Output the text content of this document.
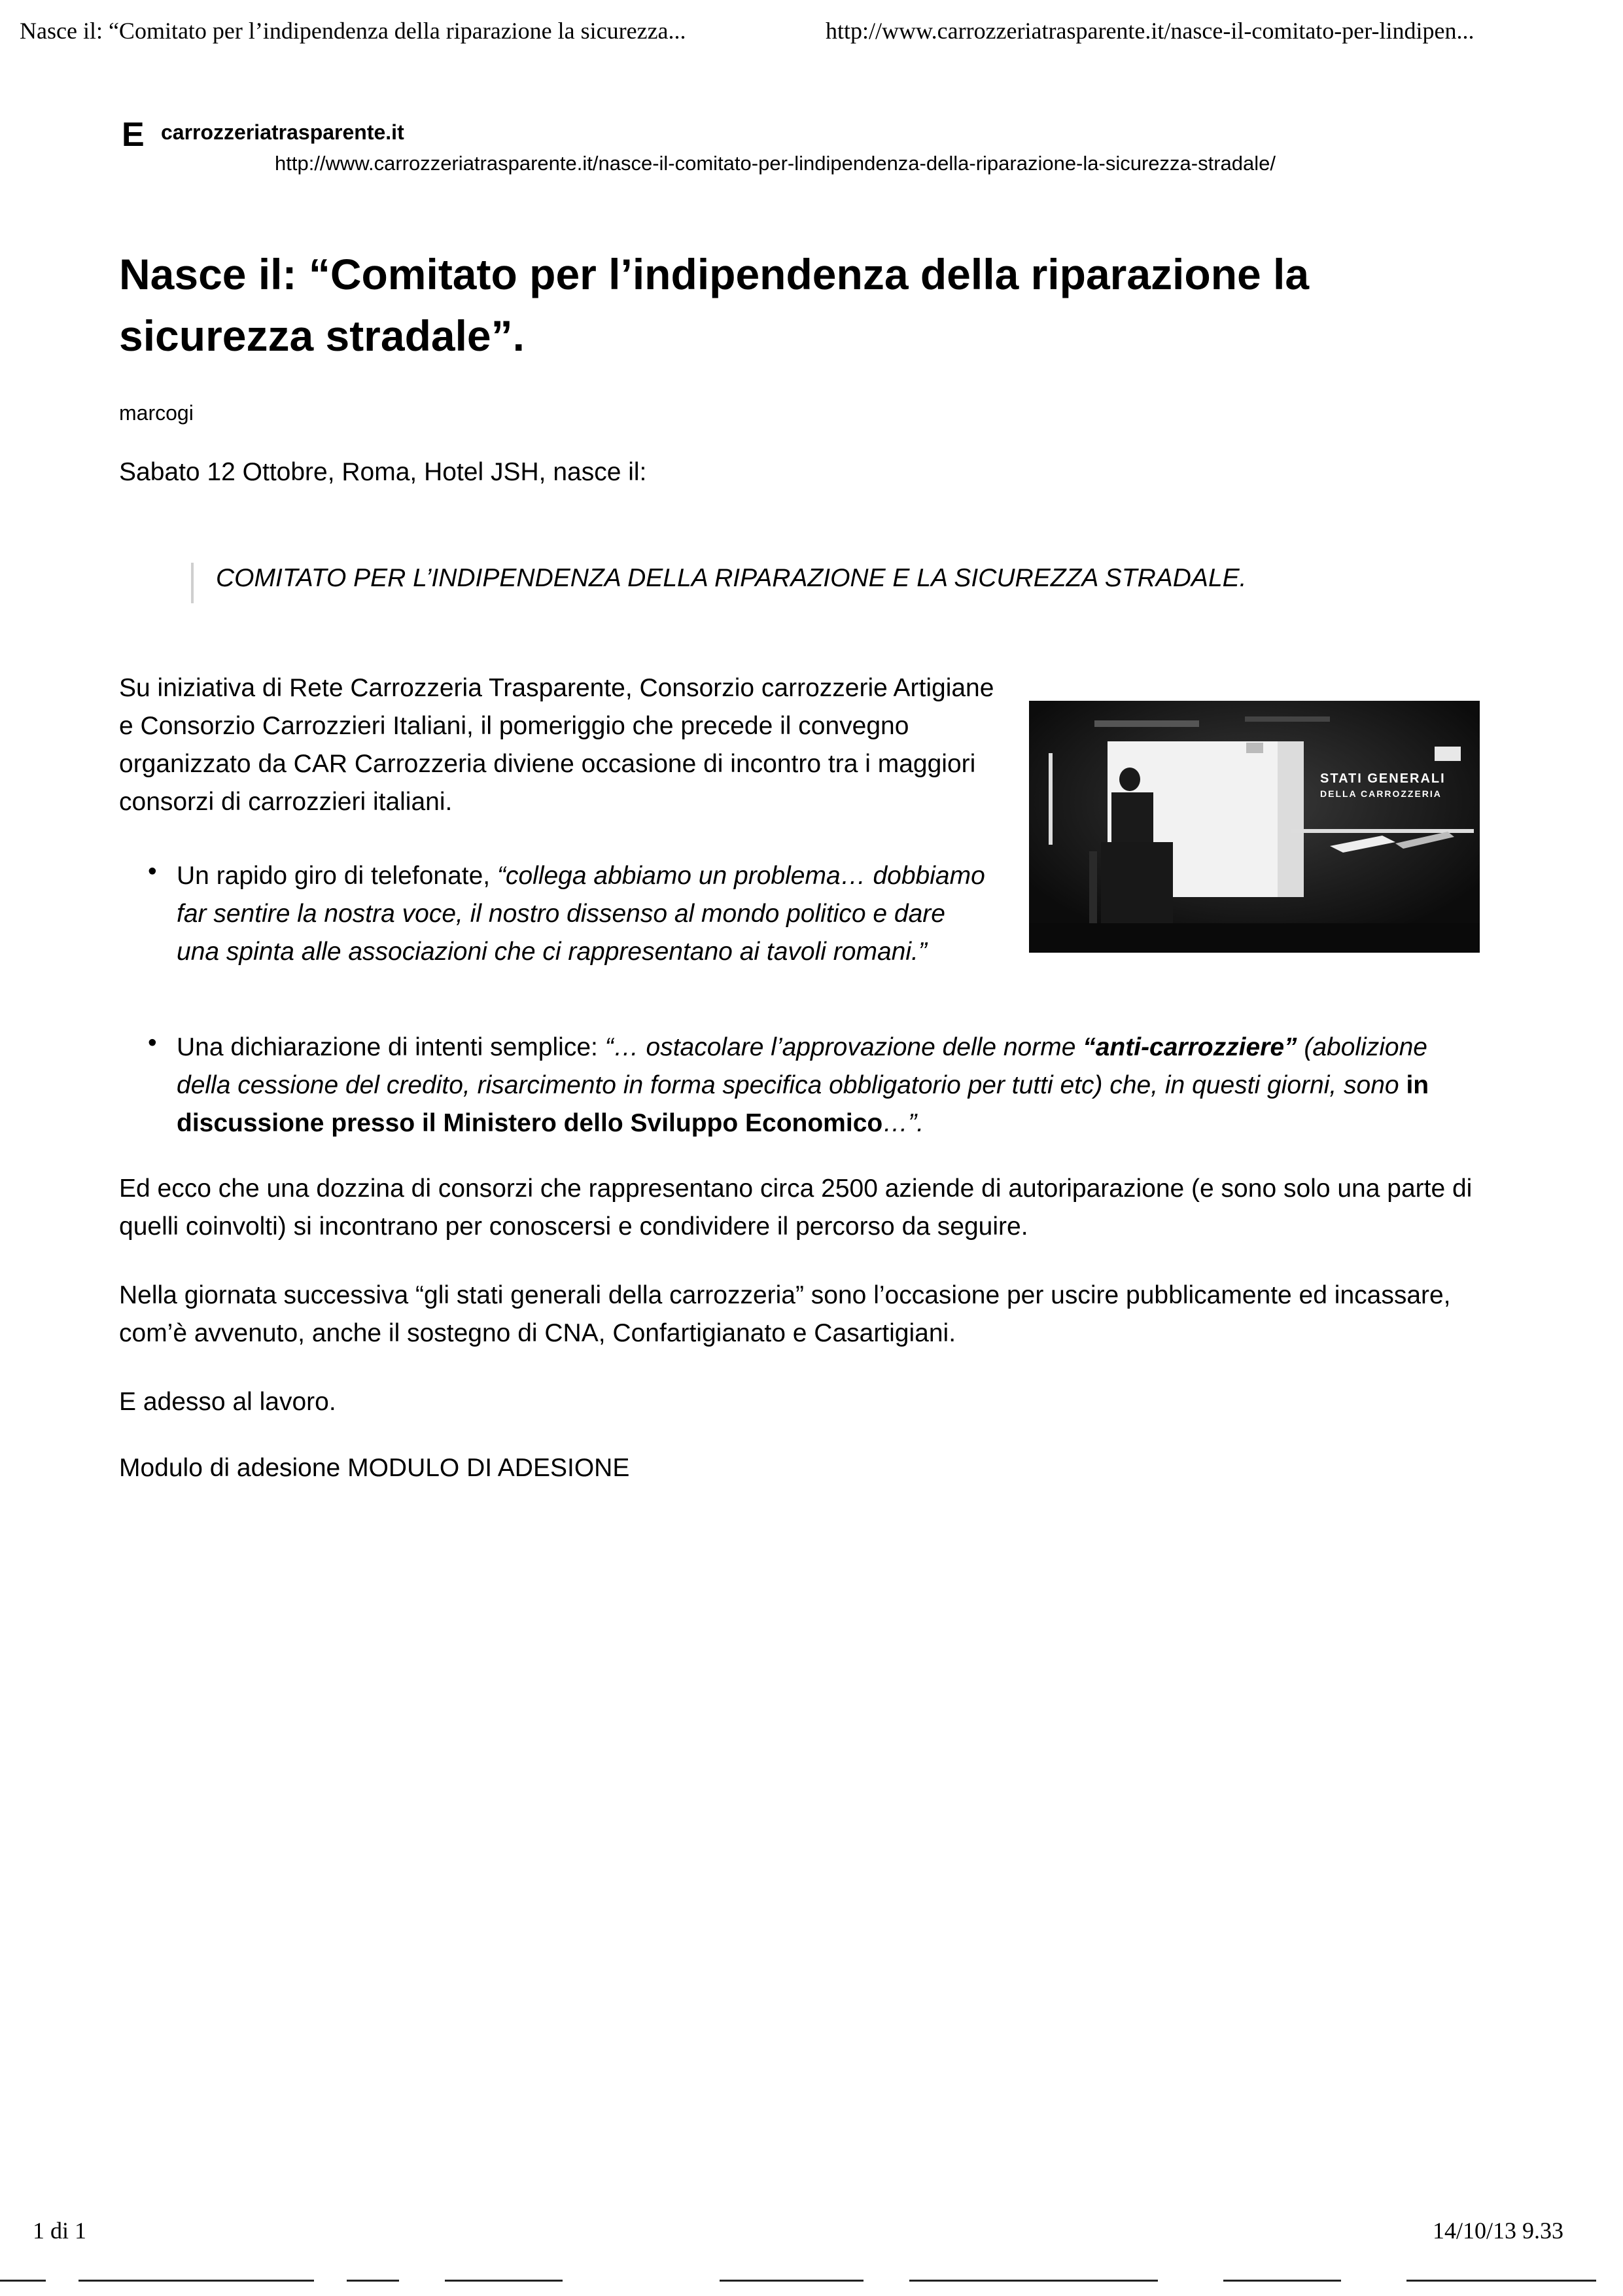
Nasce il: “Comitato per l’indipendenza della riparazione la sicurezza...	http://www.carrozzeriatrasparente.it/nasce-il-comitato-per-lindipen...
E carrozzeriatrasparente.it
http://www.carrozzeriatrasparente.it/nasce-il-comitato-per-lindipendenza-della-riparazione-la-sicurezza-stradale/
Nasce il: “Comitato per l’indipendenza della riparazione la sicurezza stradale”.
marcogi
Sabato 12 Ottobre, Roma, Hotel JSH, nasce il:
COMITATO PER L’INDIPENDENZA DELLA RIPARAZIONE E LA SICUREZZA STRADALE.

Su iniziativa di Rete Carrozzeria Trasparente, Consorzio carrozzerie Artigiane e Consorzio Carrozzieri Italiani, il pomeriggio che precede il convegno organizzato da CAR Carrozzeria diviene occasione di incontro tra i maggiori consorzi di carrozzieri italiani.

STATI GENERALI
DELLA CARROZZERIA
• Un rapido giro di telefonate, “collega abbiamo un problema… dobbiamo far sentire la nostra voce, il nostro dissenso al mondo politico e dare una spinta alle associazioni che ci rappresentano ai tavoli romani.”

• Una dichiarazione di intenti semplice: “… ostacolare l’approvazione delle norme “anti-carrozziere” (abolizione della cessione del credito, risarcimento in forma specifica obbligatorio per tutti etc) che, in questi giorni, sono in discussione presso il Ministero dello Sviluppo Economico…”.

Ed ecco che una dozzina di consorzi che rappresentano circa 2500 aziende di autoriparazione (e sono solo una parte di quelli coinvolti) si incontrano per conoscersi e condividere il percorso da seguire.

Nella giornata successiva “gli stati generali della carrozzeria” sono l’occasione per uscire pubblicamente ed incassare, com’è avvenuto, anche il sostegno di CNA, Confartigianato e Casartigiani.

E adesso al lavoro.
Modulo di adesione MODULO DI ADESIONE
1 di 1	14/10/13 9.33
